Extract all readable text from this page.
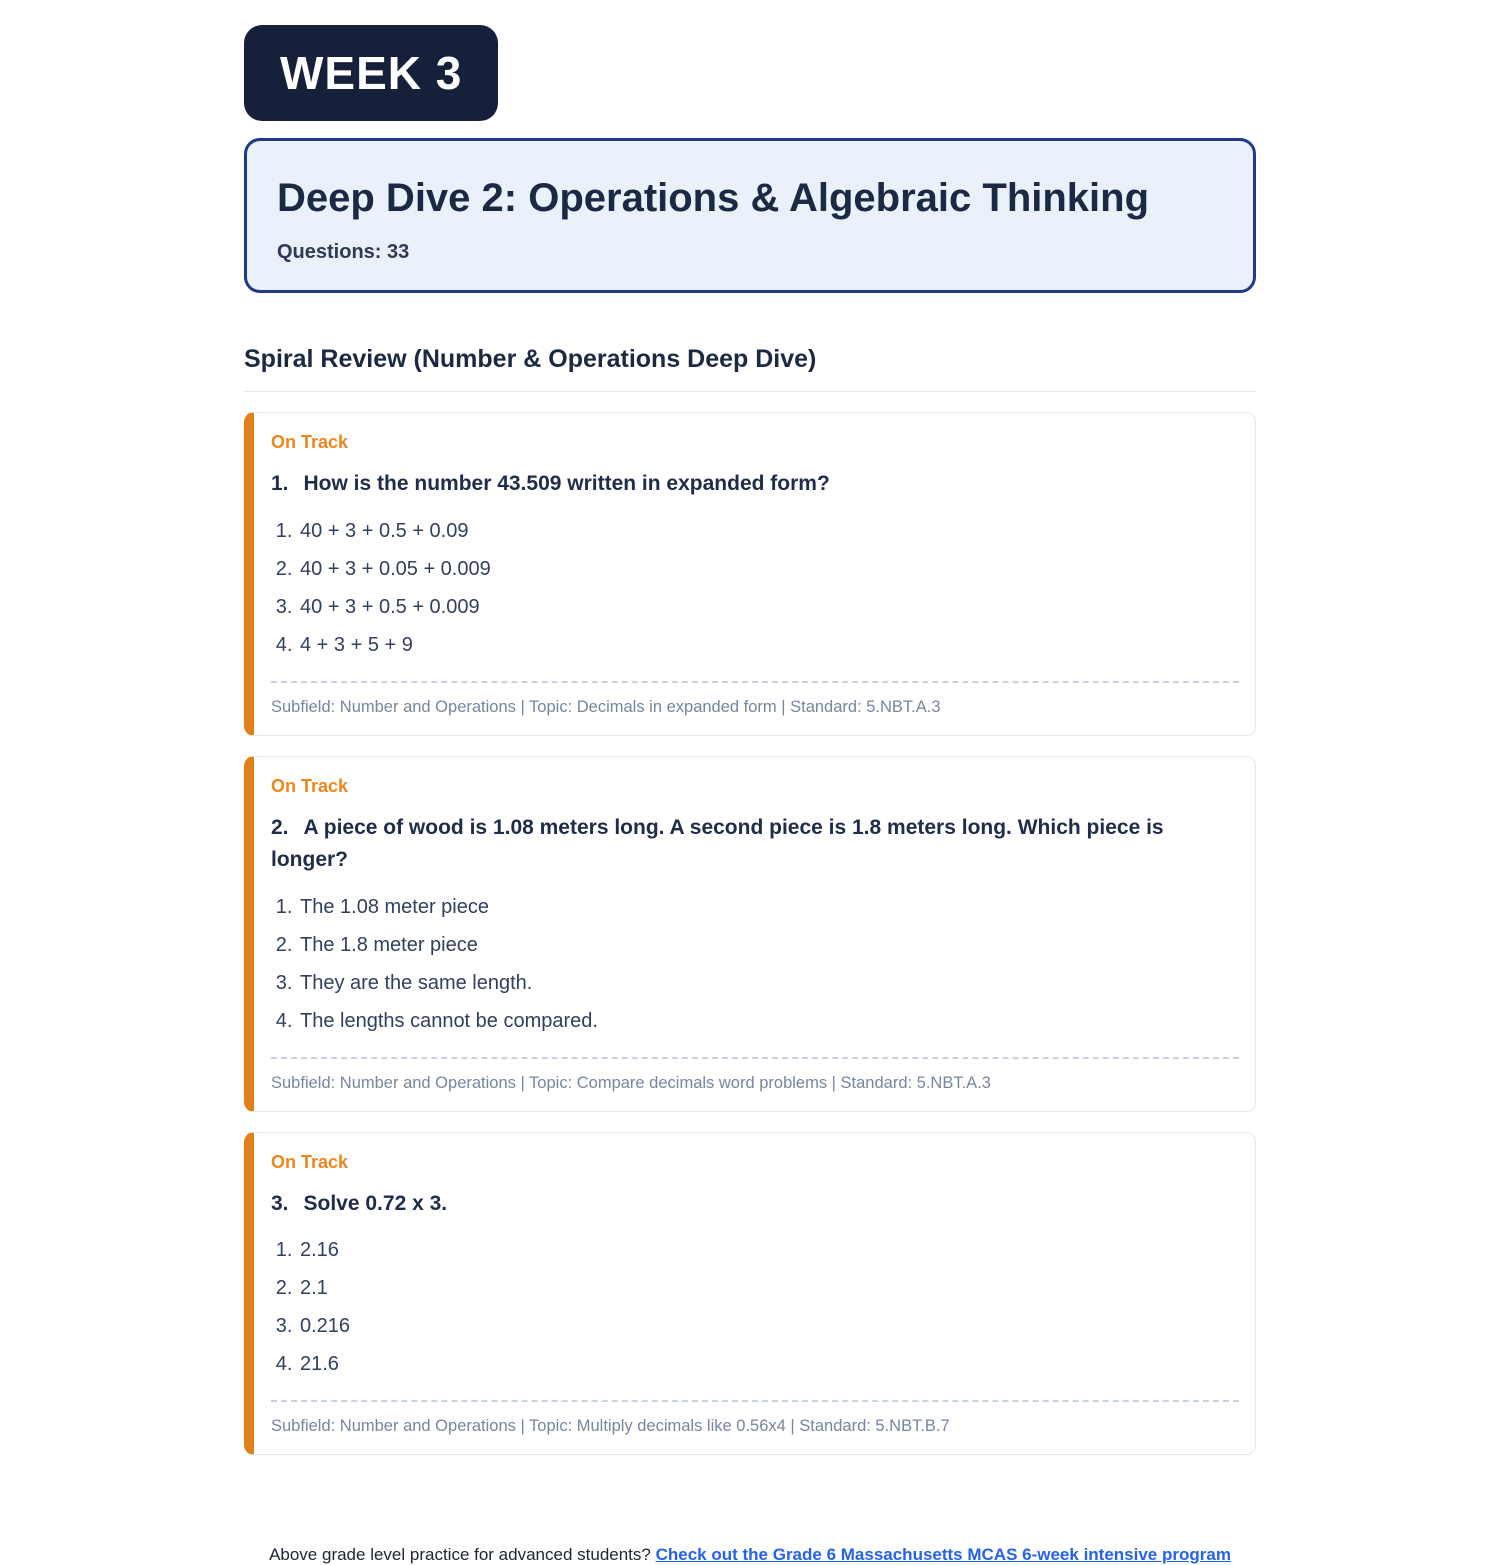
WEEK 3
Deep Dive 2: Operations & Algebraic Thinking
Questions: 33
Spiral Review (Number & Operations Deep Dive)
On Track
1. How is the number 43.509 written in expanded form?
1. 40 + 3 + 0.5 + 0.09
2. 40 + 3 + 0.05 + 0.009
3. 40 + 3 + 0.5 + 0.009
4. 4 + 3 + 5 + 9
Subfield: Number and Operations | Topic: Decimals in expanded form | Standard: 5.NBT.A.3
On Track
2. A piece of wood is 1.08 meters long. A second piece is 1.8 meters long. Which piece is longer?
1. The 1.08 meter piece
2. The 1.8 meter piece
3. They are the same length.
4. The lengths cannot be compared.
Subfield: Number and Operations | Topic: Compare decimals word problems | Standard: 5.NBT.A.3
On Track
3. Solve 0.72 x 3.
1. 2.16
2. 2.1
3. 0.216
4. 21.6
Subfield: Number and Operations | Topic: Multiply decimals like 0.56x4 | Standard: 5.NBT.B.7
Above grade level practice for advanced students? Check out the Grade 6 Massachusetts MCAS 6-week intensive program
